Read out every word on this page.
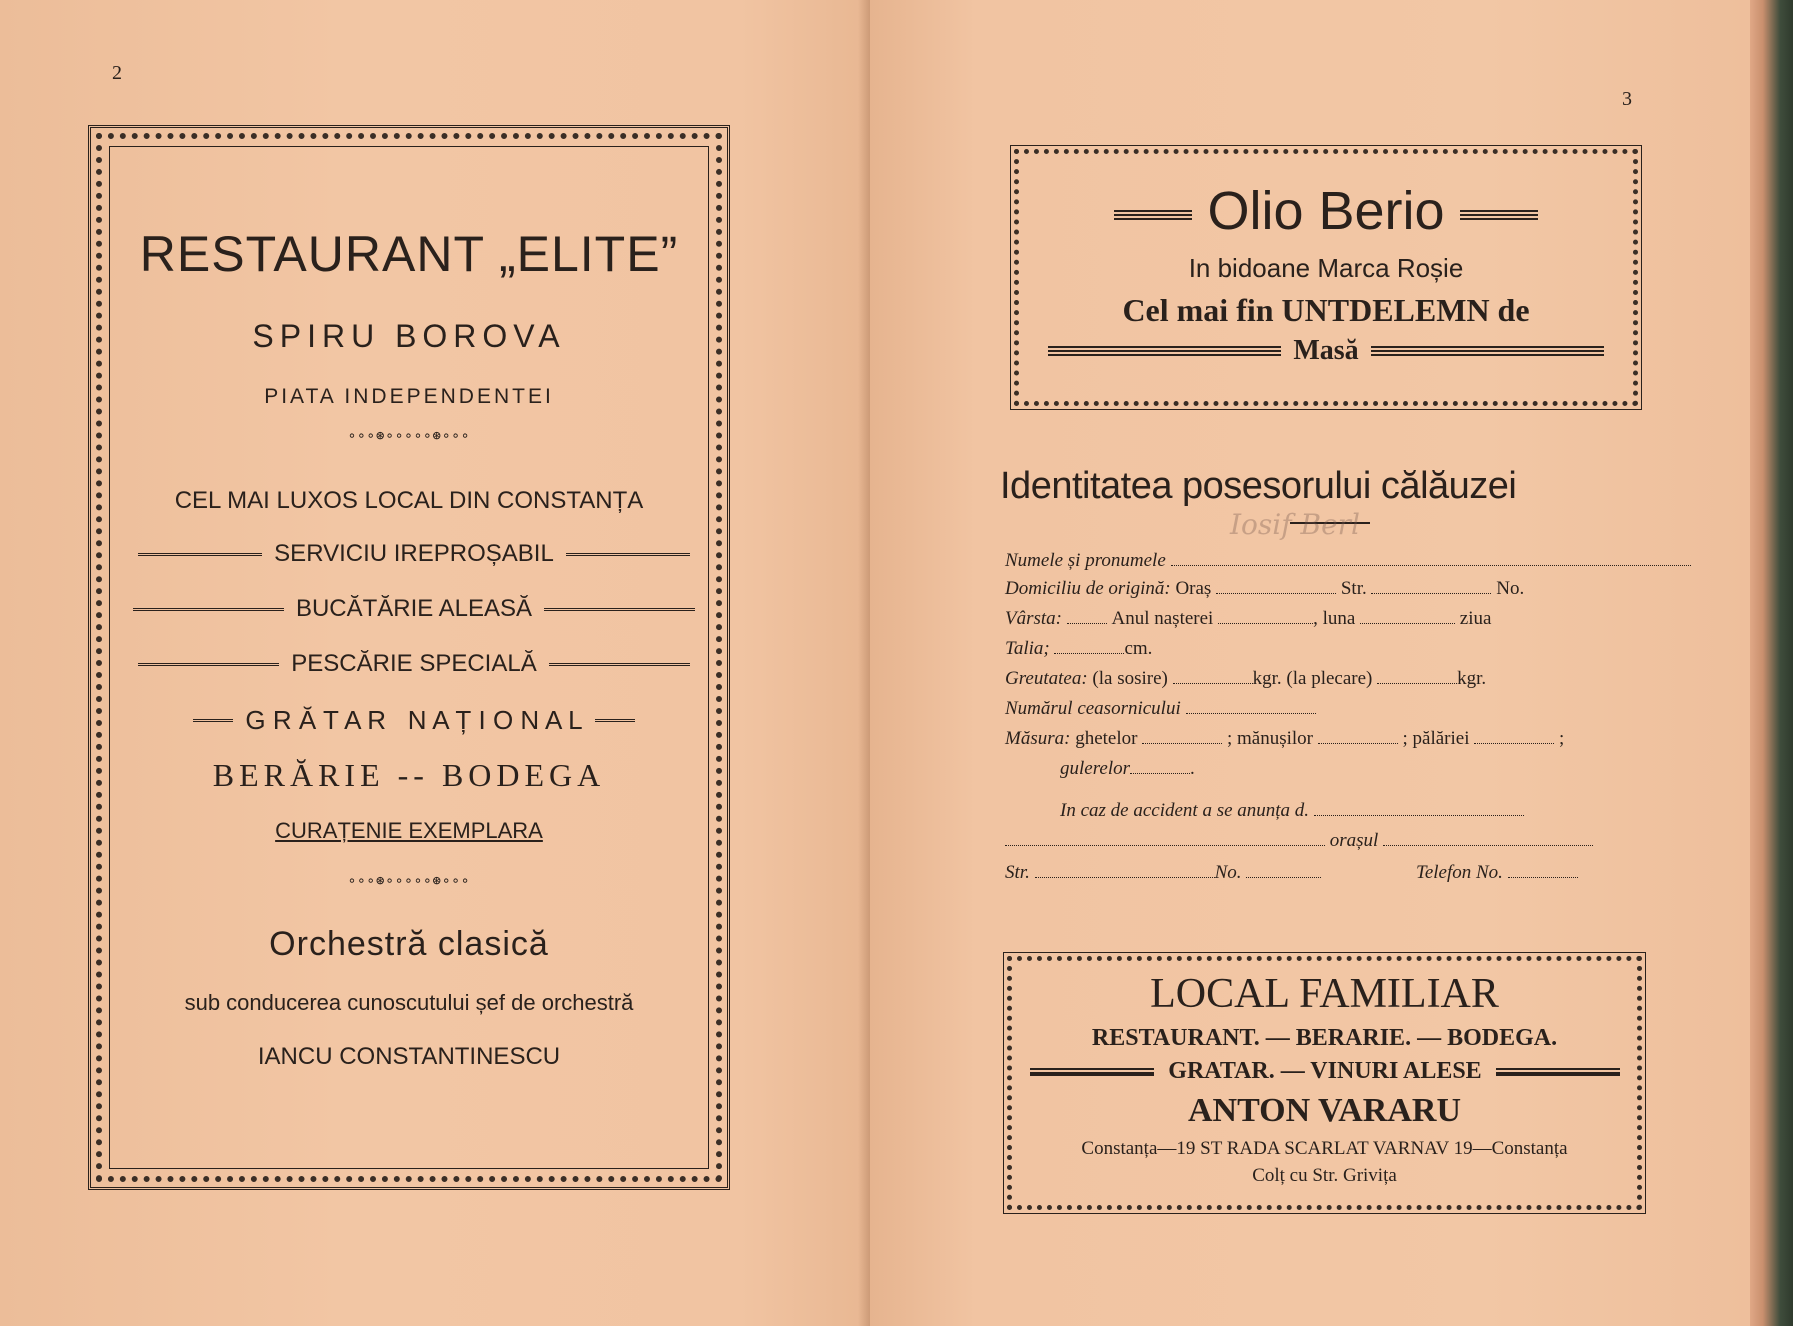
2
RESTAURANT „ELITE”
SPIRU BOROVA
PIATA INDEPENDENTEI
∘∘∘⊛∘∘∘∘∘⊛∘∘∘
CEL MAI LUXOS LOCAL DIN CONSTANȚA
SERVICIU IREPROȘABIL
BUCĂTĂRIE ALEASĂ
PESCĂRIE SPECIALĂ
G R Ă T A R   N A Ț I O N A L
BERĂRIE -- BODEGA
CURAȚENIE EXEMPLARA
∘∘∘⊛∘∘∘∘∘⊛∘∘∘
Orchestră clasică
sub conducerea cunoscutului șef de orchestră
IANCU CONSTANTINESCU
3
Olio Berio
In bidoane Marca Roșie
Cel mai fin UNTDELEMN de
Masă
Identitatea posesorului călăuzei
Iosif Berl
Numele și pronumele
Domiciliu de origină: Oraș	Str.	No.
Vârsta:	Anul nașterei	, luna	ziua
Talia;	cm.
Greutatea: (la sosire)	kgr. (la plecare)	kgr.
Numărul ceasornicului
Măsura: ghetelor	; mănușilor	; pălăriei	;
gulerelor	.
In caz de accident a se anunța d.
orașul
Str.	No.	Telefon No.
LOCAL FAMILIAR
RESTAURANT. — BERARIE. — BODEGA.
GRATAR. — VINURI ALESE
ANTON VARARU
Constanța—19 ST RADA SCARLAT VARNAV 19—Constanța
Colț cu Str. Grivița
